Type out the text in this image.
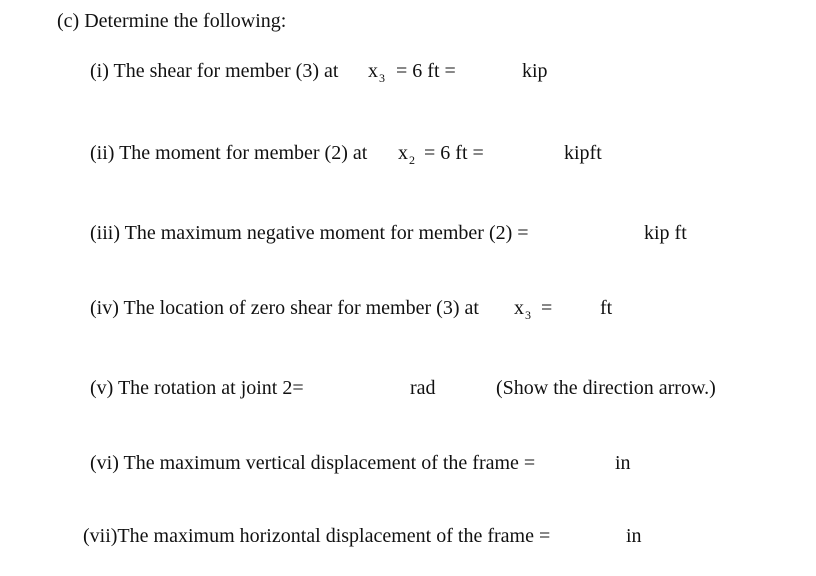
(c) Determine the following:
(i) The shear for member (3) at $x_3 = 6$ ft =	kip
(ii) The moment for member (2) at $x_2 = 6$ ft =	kipft
(iii) The maximum negative moment for member (2) =	kip ft
(iv) The location of zero shear for member (3) at $x_3$ = ft
(v) The rotation at joint 2=	rad	(Show the direction arrow.)
(vi) The maximum vertical displacement of the frame =	in
(vii)The maximum horizontal displacement of the frame =	in
